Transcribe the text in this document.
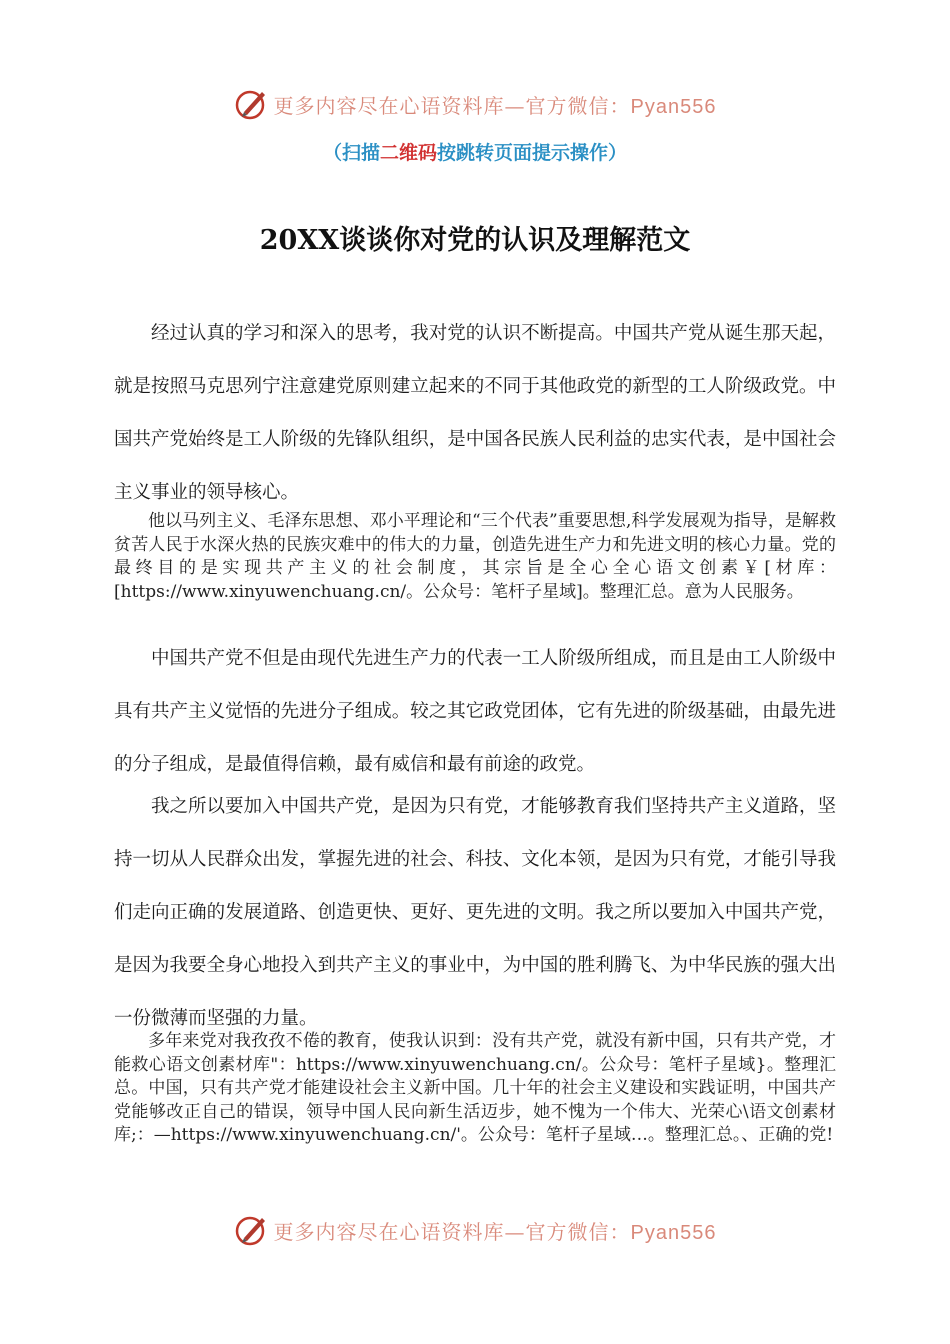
更多内容尽在心语资料库—官方微信：Pyan556
（扫描二维码按跳转页面提示操作）
20XX谈谈你对党的认识及理解范文

经过认真的学习和深入的思考，我对党的认识不断提高。中国共产党从诞生那天起，就是按照马克思列宁注意建党原则建立起来的不同于其他政党的新型的工人阶级政党。中国共产党始终是工人阶级的先锋队组织，是中国各民族人民利益的忠实代表，是中国社会主义事业的领导核心。

他以马列主义、毛泽东思想、邓小平理论和“三个代表”重要思想,科学发展观为指导，是解救贫苦人民于水深火热的民族灾难中的伟大的力量，创造先进生产力和先进文明的核心力量。党的最终目的是实现共产主义的社会制度，其宗旨是全心全心语文创素￥[材库：[https://www.xinyuwenchuang.cn/。公众号：笔杆子星域]。整理汇总。意为人民服务。

中国共产党不但是由现代先进生产力的代表一工人阶级所组成，而且是由工人阶级中具有共产主义觉悟的先进分子组成。较之其它政党团体，它有先进的阶级基础，由最先进的分子组成，是最值得信赖，最有威信和最有前途的政党。

我之所以要加入中国共产党，是因为只有党，才能够教育我们坚持共产主义道路，坚持一切从人民群众出发，掌握先进的社会、科技、文化本领，是因为只有党，才能引导我们走向正确的发展道路、创造更快、更好、更先进的文明。我之所以要加入中国共产党，是因为我要全身心地投入到共产主义的事业中，为中国的胜利腾飞、为中华民族的强大出一份微薄而坚强的力量。

多年来党对我孜孜不倦的教育，使我认识到：没有共产党，就没有新中国，只有共产党，才能救心语文创素材库"：https://www.xinyuwenchuang.cn/。公众号：笔杆子星域}。整理汇总。中国，只有共产党才能建设社会主义新中国。几十年的社会主义建设和实践证明，中国共产党能够改正自己的错误，领导中国人民向新生活迈步，她不愧为一个伟大、光荣心\语文创素材库;：—https://www.xinyuwenchuang.cn/'。公众号：笔杆子星域…。整理汇总。、正确的党!

更多内容尽在心语资料库—官方微信：Pyan556
